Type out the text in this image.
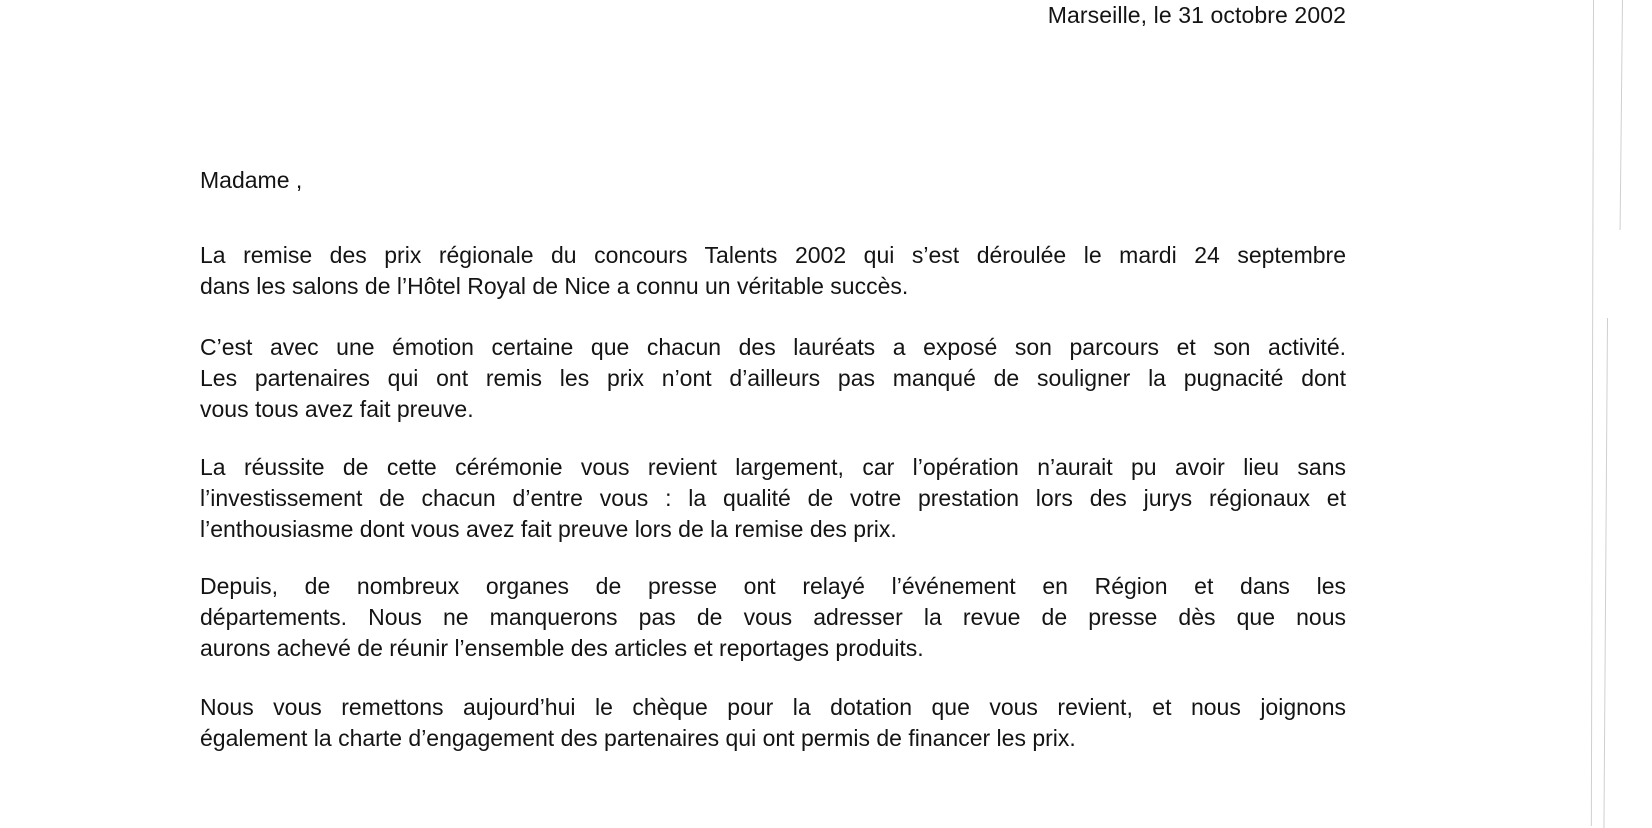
Marseille, le 31 octobre 2002
Madame ,

La remise des prix régionale du concours Talents 2002 qui s’est déroulée le mardi 24 septembre
dans les salons de l’Hôtel Royal de Nice a connu un véritable succès.

C’est avec une émotion certaine que chacun des lauréats a exposé son parcours et son activité.
Les partenaires qui ont remis les prix n’ont d’ailleurs pas manqué de souligner la pugnacité dont
vous tous avez fait preuve.

La réussite de cette cérémonie vous revient largement, car l’opération n’aurait pu avoir lieu sans
l’investissement de chacun d’entre vous : la qualité de votre prestation lors des jurys régionaux et
l’enthousiasme dont vous avez fait preuve lors de la remise des prix.

Depuis, de nombreux organes de presse ont relayé l’événement en Région et dans les
départements. Nous ne manquerons pas de vous adresser la revue de presse dès que nous
aurons achevé de réunir l’ensemble des articles et reportages produits.

Nous vous remettons aujourd’hui le chèque pour la dotation que vous revient, et nous joignons
également la charte d’engagement des partenaires qui ont permis de financer les prix.
